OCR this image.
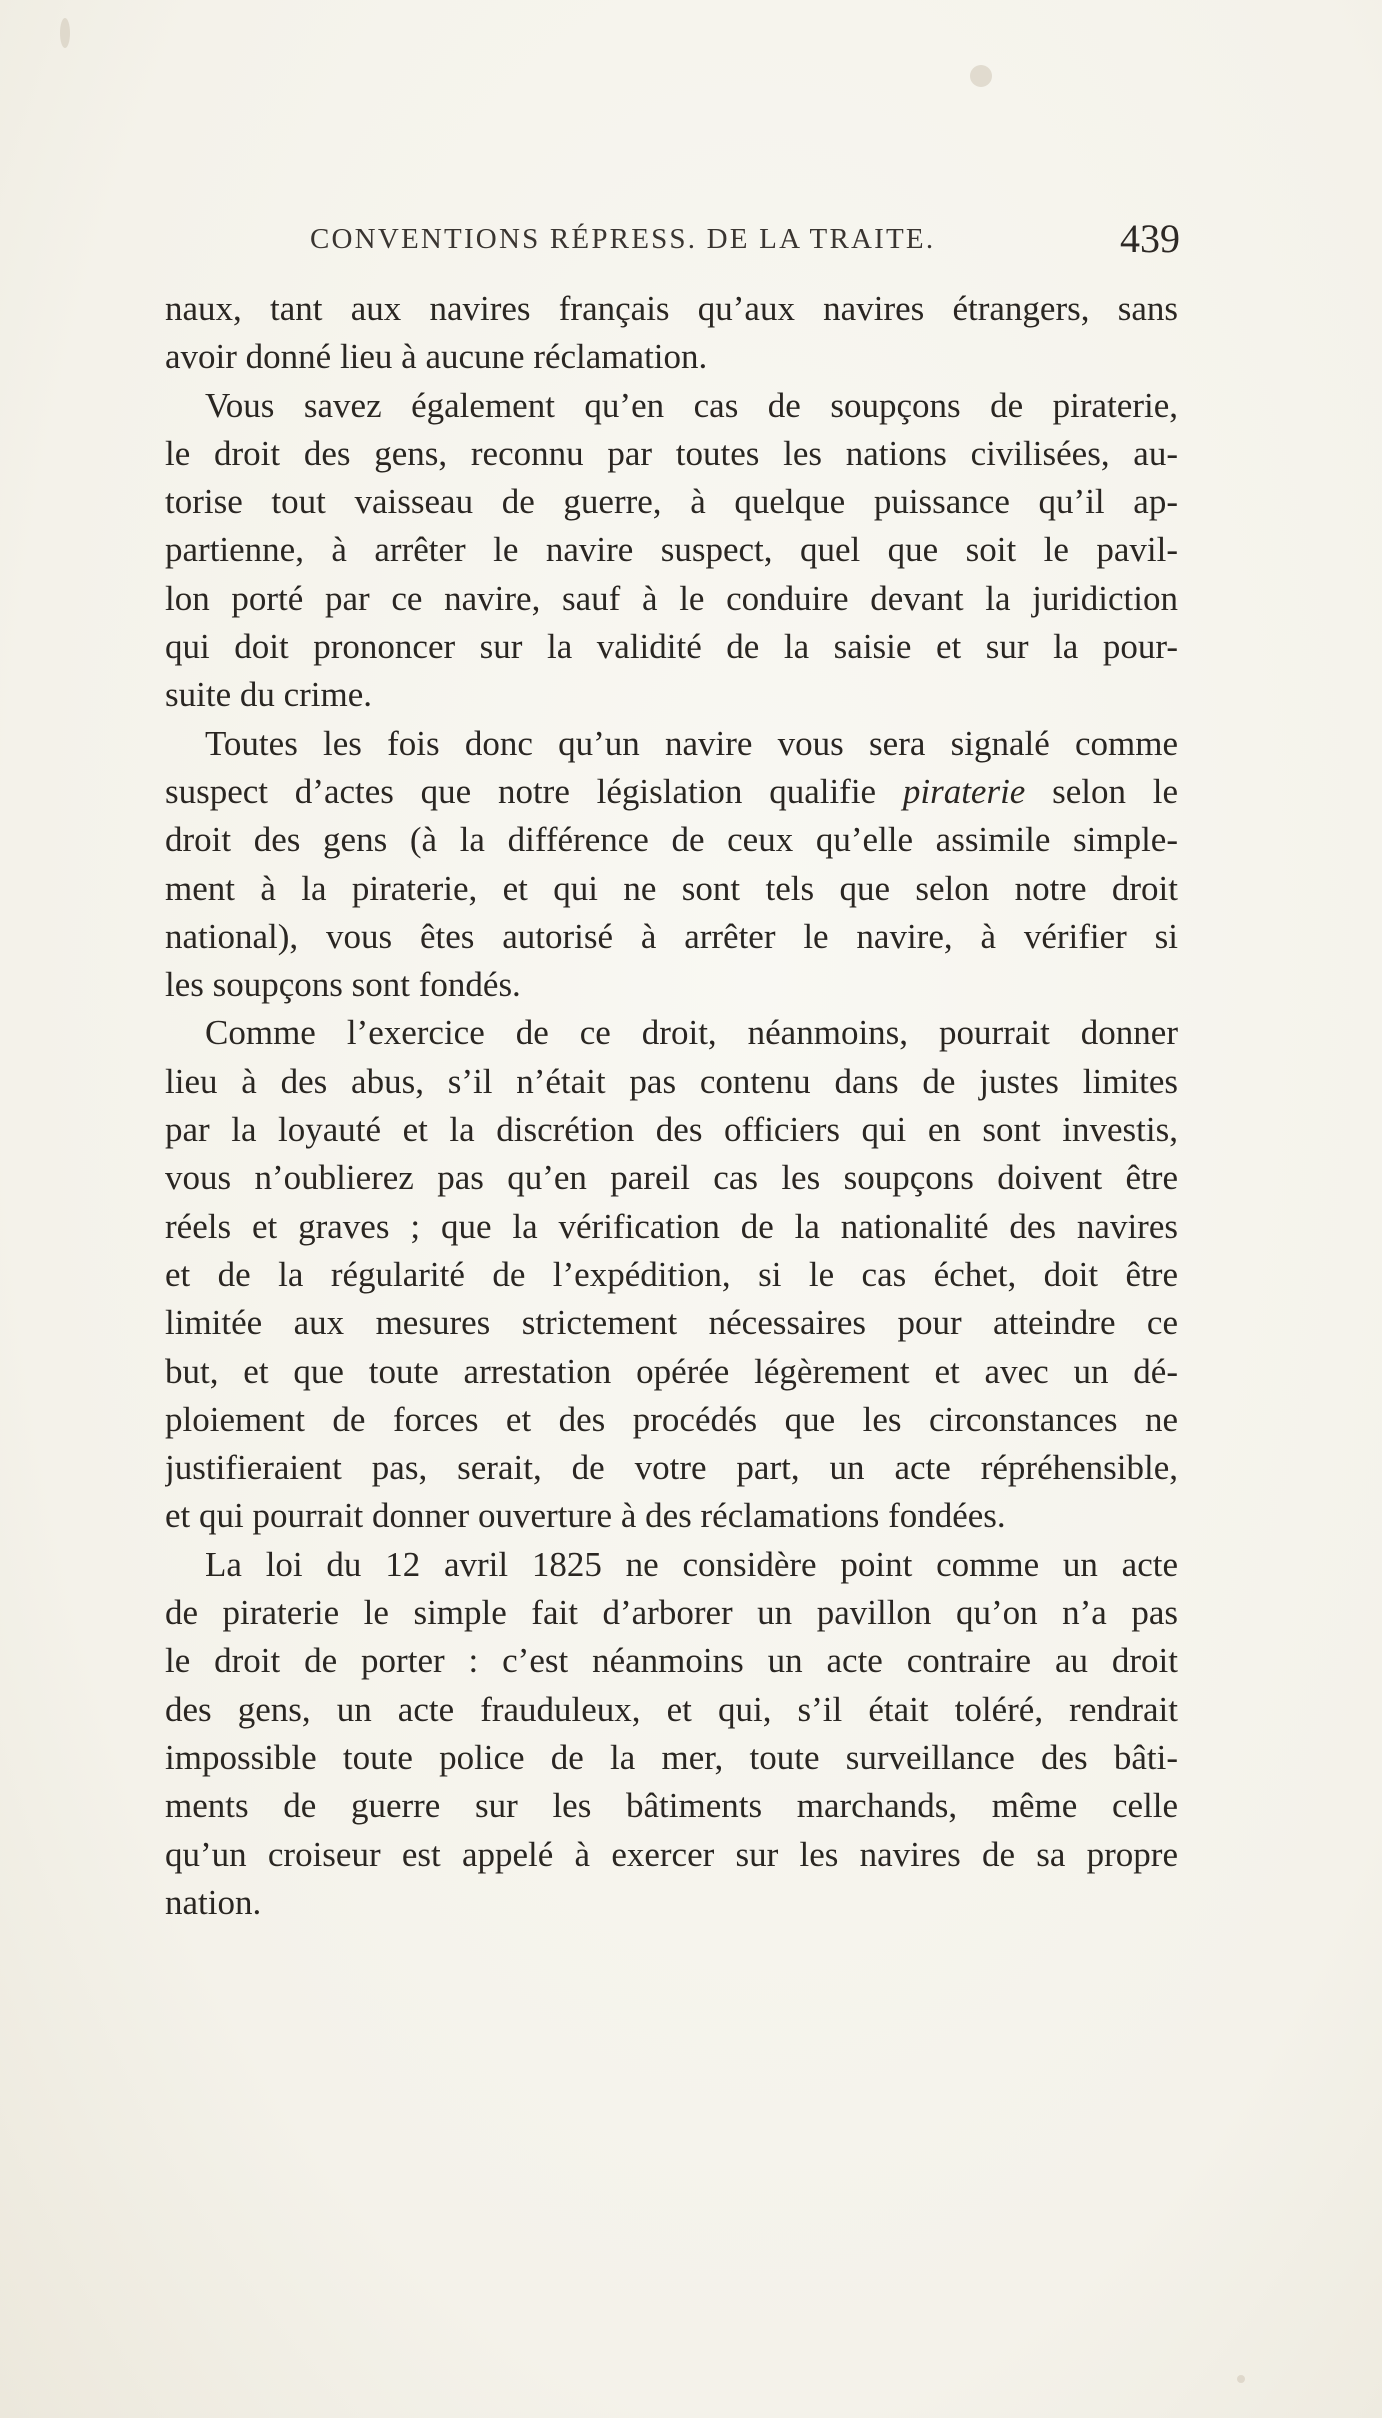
CONVENTIONS RÉPRESS. DE LA TRAITE.	439
naux, tant aux navires français qu’aux navires étrangers, sans
avoir donné lieu à aucune réclamation.
Vous savez également qu’en cas de soupçons de piraterie,
le droit des gens, reconnu par toutes les nations civilisées, au-
torise tout vaisseau de guerre, à quelque puissance qu’il ap-
partienne, à arrêter le navire suspect, quel que soit le pavil-
lon porté par ce navire, sauf à le conduire devant la juridiction
qui doit prononcer sur la validité de la saisie et sur la pour-
suite du crime.
Toutes les fois donc qu’un navire vous sera signalé comme
suspect d’actes que notre législation qualifie piraterie selon le
droit des gens (à la différence de ceux qu’elle assimile simple-
ment à la piraterie, et qui ne sont tels que selon notre droit
national), vous êtes autorisé à arrêter le navire, à vérifier si
les soupçons sont fondés.
Comme l’exercice de ce droit, néanmoins, pourrait donner
lieu à des abus, s’il n’était pas contenu dans de justes limites
par la loyauté et la discrétion des officiers qui en sont investis,
vous n’oublierez pas qu’en pareil cas les soupçons doivent être
réels et graves ; que la vérification de la nationalité des navires
et de la régularité de l’expédition, si le cas échet, doit être
limitée aux mesures strictement nécessaires pour atteindre ce
but, et que toute arrestation opérée légèrement et avec un dé-
ploiement de forces et des procédés que les circonstances ne
justifieraient pas, serait, de votre part, un acte répréhensible,
et qui pourrait donner ouverture à des réclamations fondées.
La loi du 12 avril 1825 ne considère point comme un acte
de piraterie le simple fait d’arborer un pavillon qu’on n’a pas
le droit de porter : c’est néanmoins un acte contraire au droit
des gens, un acte frauduleux, et qui, s’il était toléré, rendrait
impossible toute police de la mer, toute surveillance des bâti-
ments de guerre sur les bâtiments marchands, même celle
qu’un croiseur est appelé à exercer sur les navires de sa propre
nation.
